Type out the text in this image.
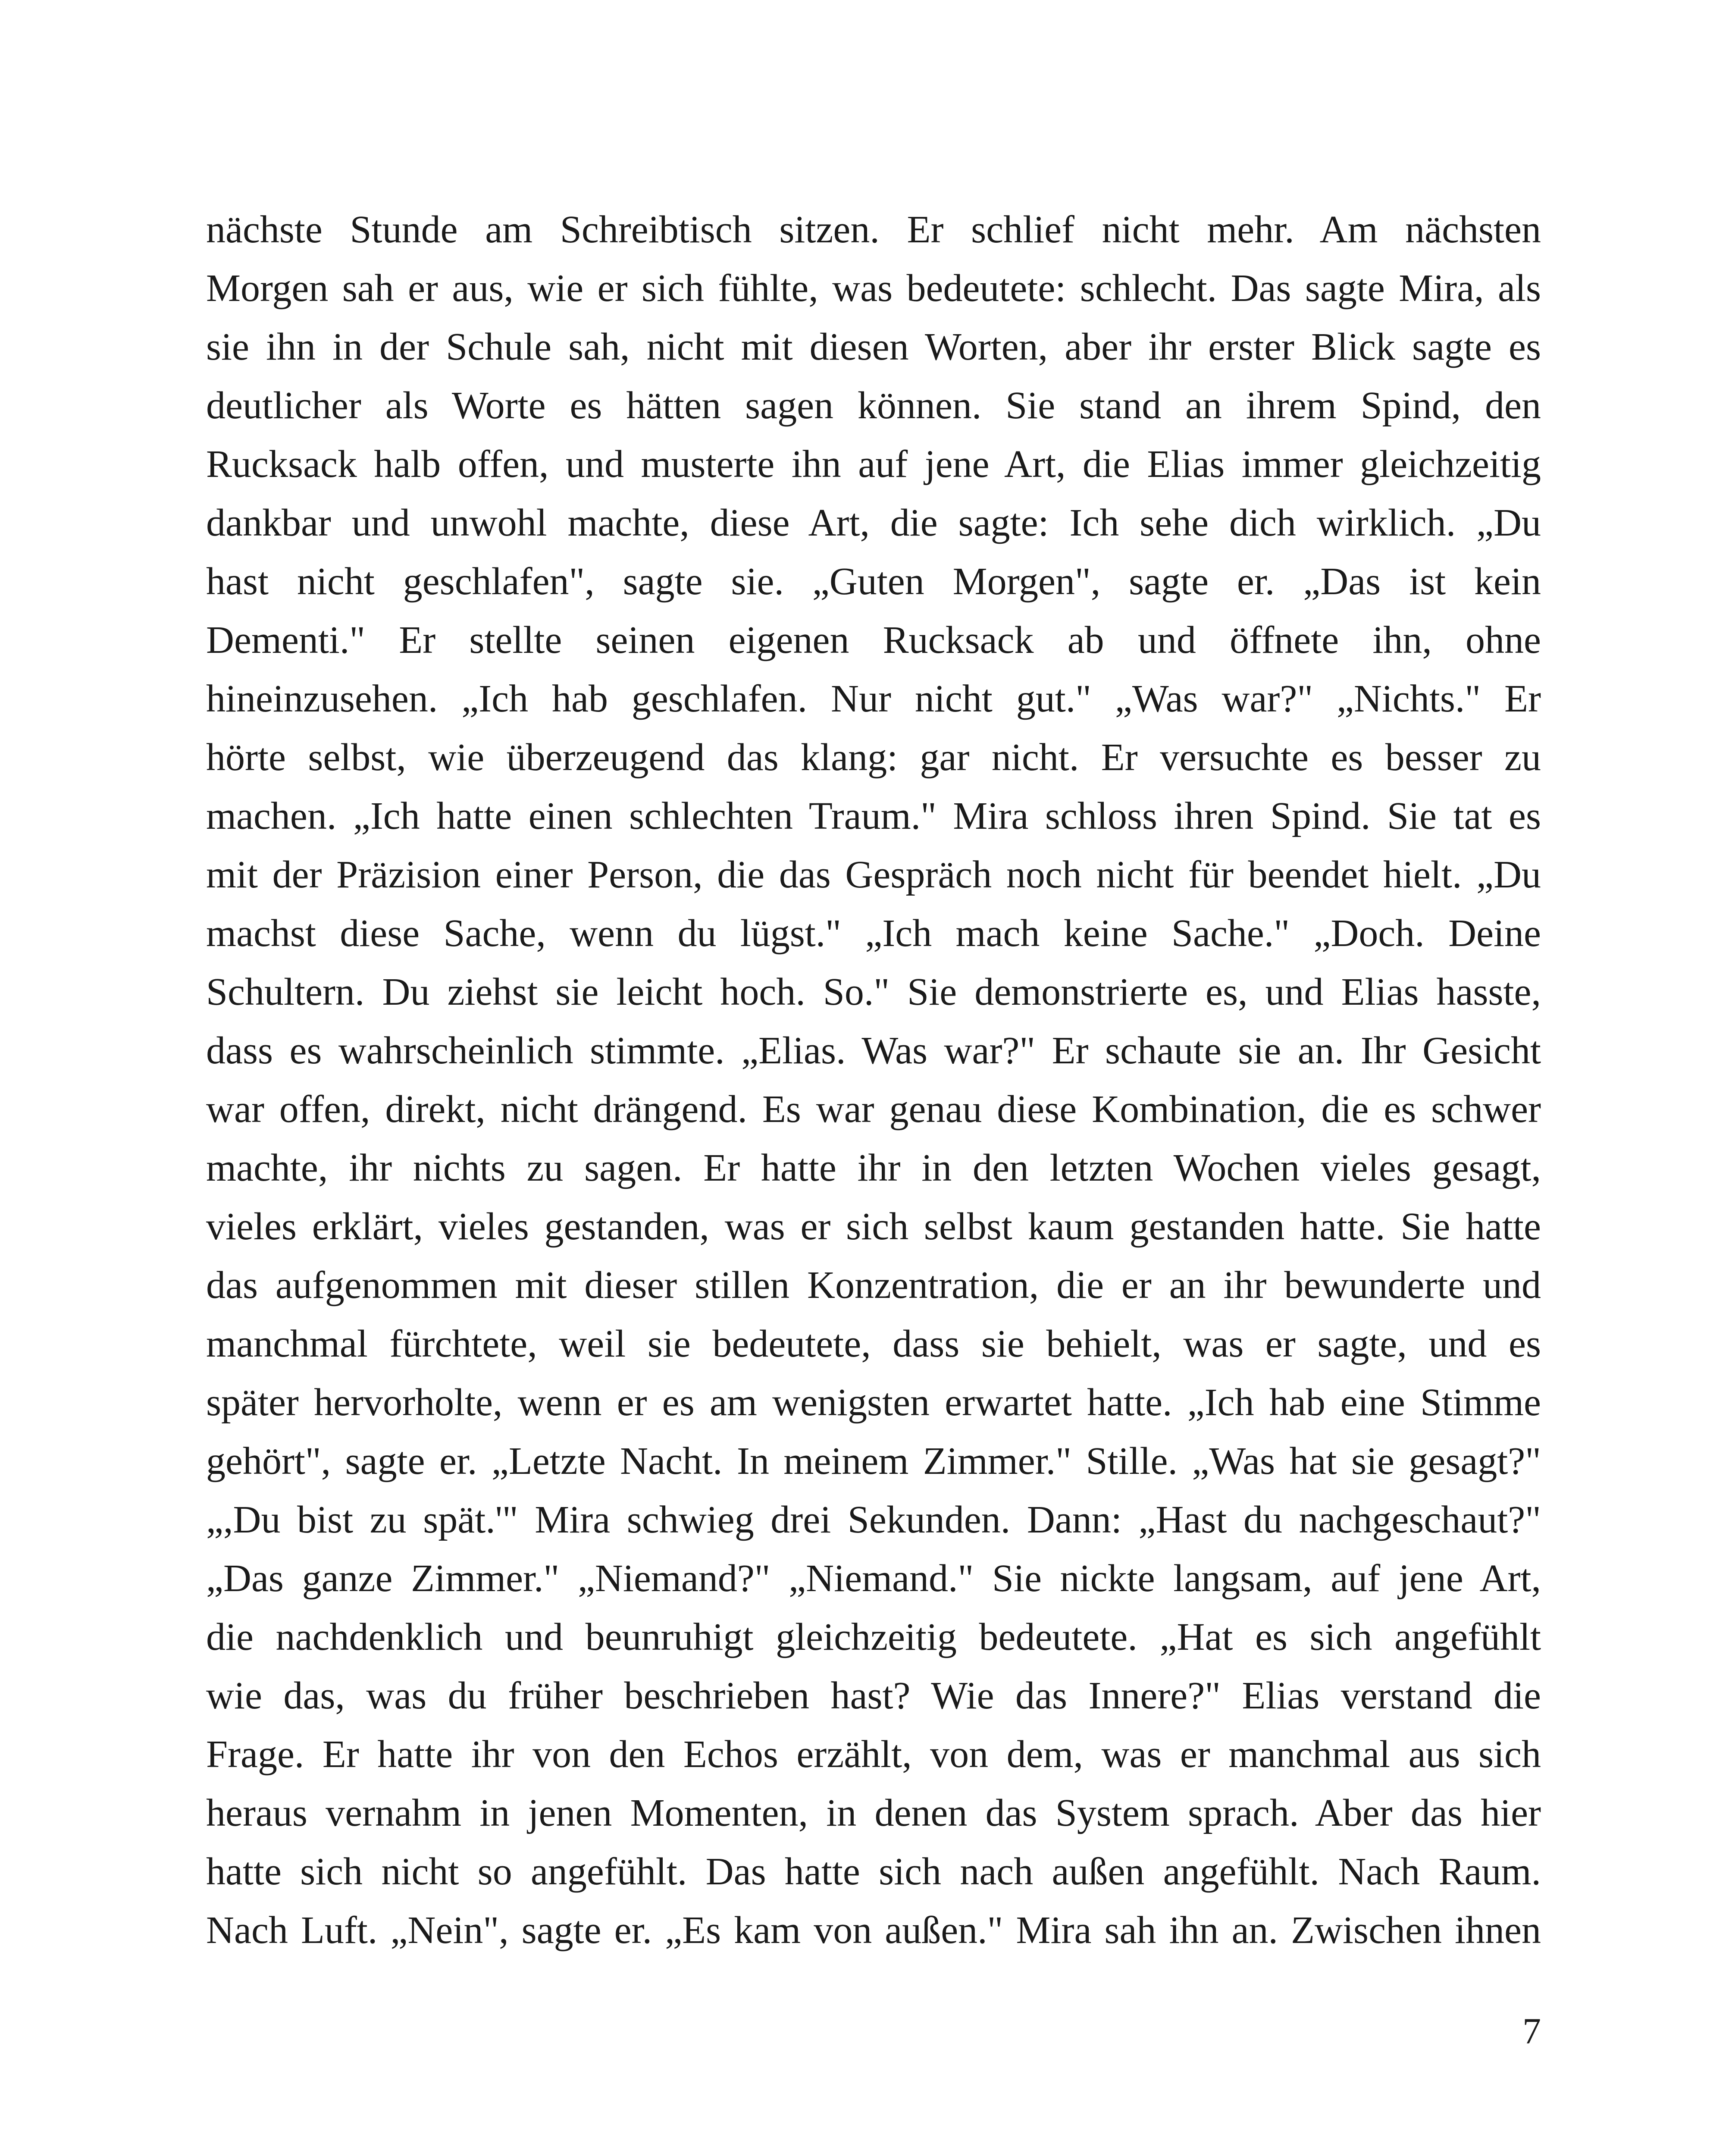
nächste Stunde am Schreibtisch sitzen. Er schlief nicht mehr. Am nächsten
Morgen sah er aus, wie er sich fühlte, was bedeutete: schlecht. Das sagte Mira, als
sie ihn in der Schule sah, nicht mit diesen Worten, aber ihr erster Blick sagte es
deutlicher als Worte es hätten sagen können. Sie stand an ihrem Spind, den
Rucksack halb offen, und musterte ihn auf jene Art, die Elias immer gleichzeitig
dankbar und unwohl machte, diese Art, die sagte: Ich sehe dich wirklich. „Du
hast nicht geschlafen", sagte sie. „Guten Morgen", sagte er. „Das ist kein
Dementi." Er stellte seinen eigenen Rucksack ab und öffnete ihn, ohne
hineinzusehen. „Ich hab geschlafen. Nur nicht gut." „Was war?" „Nichts." Er
hörte selbst, wie überzeugend das klang: gar nicht. Er versuchte es besser zu
machen. „Ich hatte einen schlechten Traum." Mira schloss ihren Spind. Sie tat es
mit der Präzision einer Person, die das Gespräch noch nicht für beendet hielt. „Du
machst diese Sache, wenn du lügst." „Ich mach keine Sache." „Doch. Deine
Schultern. Du ziehst sie leicht hoch. So." Sie demonstrierte es, und Elias hasste,
dass es wahrscheinlich stimmte. „Elias. Was war?" Er schaute sie an. Ihr Gesicht
war offen, direkt, nicht drängend. Es war genau diese Kombination, die es schwer
machte, ihr nichts zu sagen. Er hatte ihr in den letzten Wochen vieles gesagt,
vieles erklärt, vieles gestanden, was er sich selbst kaum gestanden hatte. Sie hatte
das aufgenommen mit dieser stillen Konzentration, die er an ihr bewunderte und
manchmal fürchtete, weil sie bedeutete, dass sie behielt, was er sagte, und es
später hervorholte, wenn er es am wenigsten erwartet hatte. „Ich hab eine Stimme
gehört", sagte er. „Letzte Nacht. In meinem Zimmer." Stille. „Was hat sie gesagt?"
„,Du bist zu spät.'" Mira schwieg drei Sekunden. Dann: „Hast du nachgeschaut?"
„Das ganze Zimmer." „Niemand?" „Niemand." Sie nickte langsam, auf jene Art,
die nachdenklich und beunruhigt gleichzeitig bedeutete. „Hat es sich angefühlt
wie das, was du früher beschrieben hast? Wie das Innere?" Elias verstand die
Frage. Er hatte ihr von den Echos erzählt, von dem, was er manchmal aus sich
heraus vernahm in jenen Momenten, in denen das System sprach. Aber das hier
hatte sich nicht so angefühlt. Das hatte sich nach außen angefühlt. Nach Raum.
Nach Luft. „Nein", sagte er. „Es kam von außen." Mira sah ihn an. Zwischen ihnen
7
